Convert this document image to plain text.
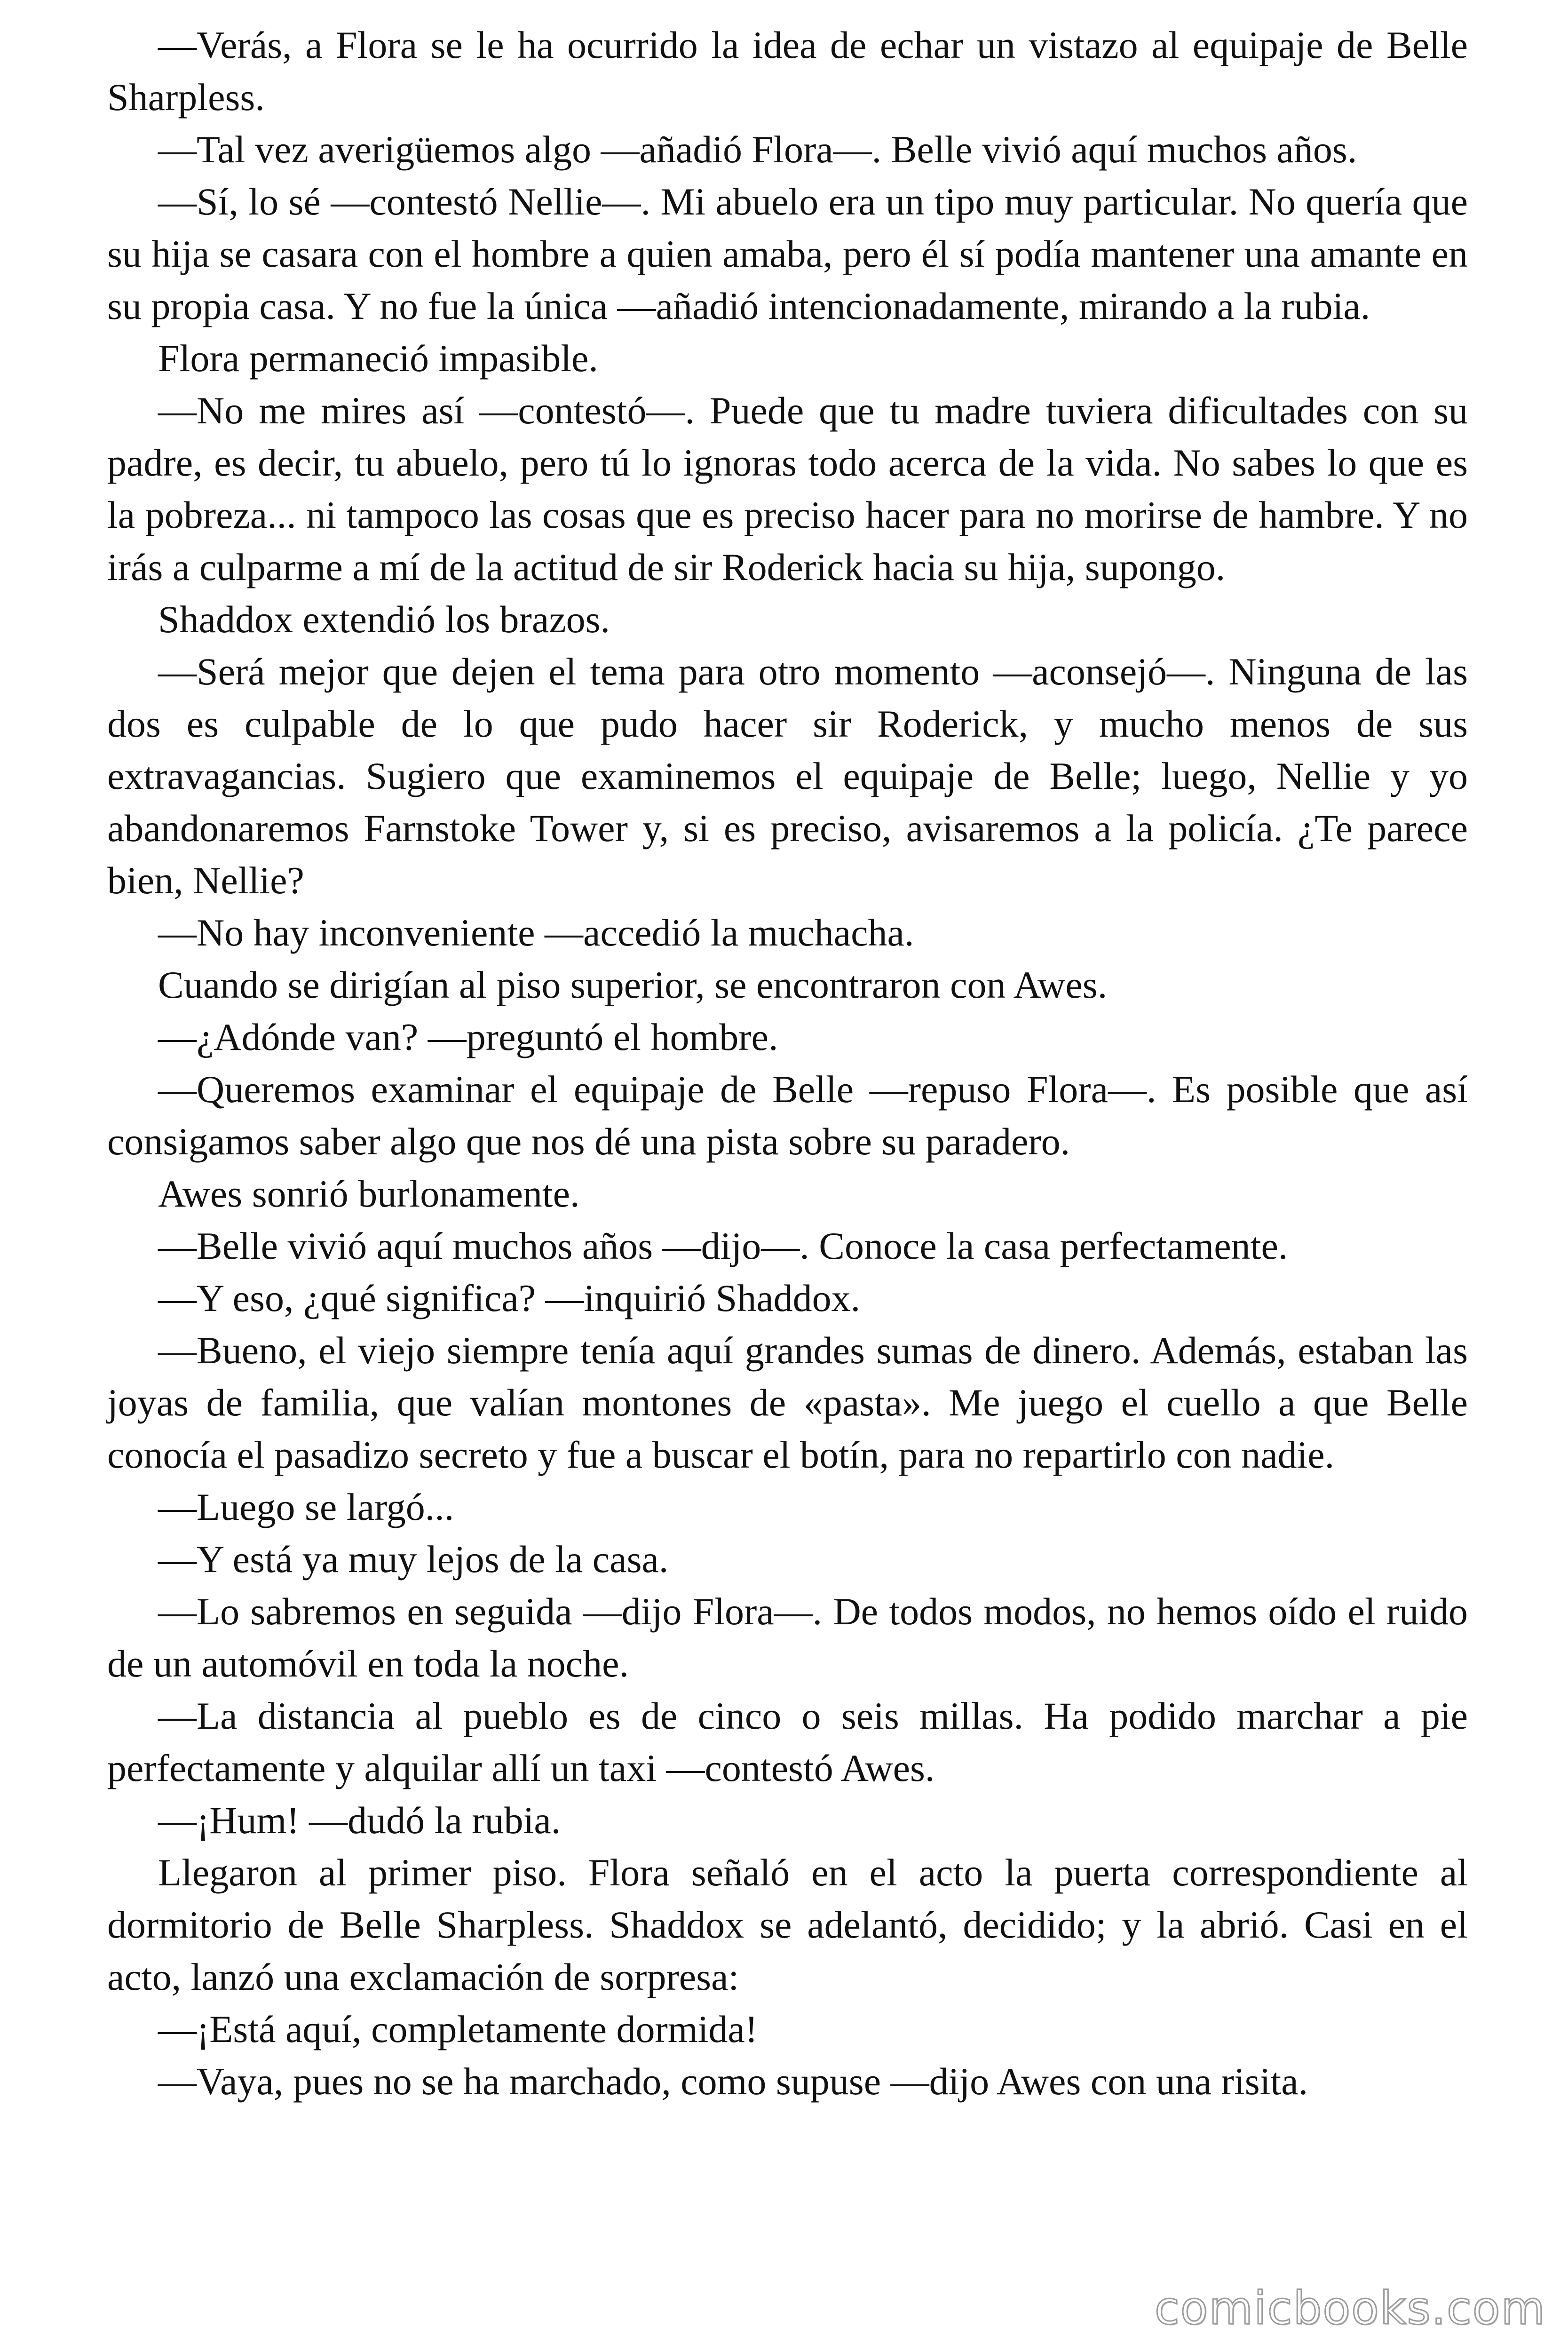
—Verás, a Flora se le ha ocurrido la idea de echar un vistazo al equipaje de Belle Sharpless.

—Tal vez averigüemos algo —añadió Flora—. Belle vivió aquí muchos años.

—Sí, lo sé —contestó Nellie—. Mi abuelo era un tipo muy particular. No quería que su hija se casara con el hombre a quien amaba, pero él sí podía mantener una amante en su propia casa. Y no fue la única —añadió intencionadamente, mirando a la rubia.

Flora permaneció impasible.

—No me mires así —contestó—. Puede que tu madre tuviera dificultades con su padre, es decir, tu abuelo, pero tú lo ignoras todo acerca de la vida. No sabes lo que es la pobreza... ni tampoco las cosas que es preciso hacer para no morirse de hambre. Y no irás a culparme a mí de la actitud de sir Roderick hacia su hija, supongo.

Shaddox extendió los brazos.

—Será mejor que dejen el tema para otro momento —aconsejó—. Ninguna de las dos es culpable de lo que pudo hacer sir Roderick, y mucho menos de sus extravagancias. Sugiero que examinemos el equipaje de Belle; luego, Nellie y yo abandonaremos Farnstoke Tower y, si es preciso, avisaremos a la policía. ¿Te parece bien, Nellie?

—No hay inconveniente —accedió la muchacha.

Cuando se dirigían al piso superior, se encontraron con Awes.

—¿Adónde van? —preguntó el hombre.

—Queremos examinar el equipaje de Belle —repuso Flora—. Es posible que así consigamos saber algo que nos dé una pista sobre su paradero.

Awes sonrió burlonamente.

—Belle vivió aquí muchos años —dijo—. Conoce la casa perfectamente.

—Y eso, ¿qué significa? —inquirió Shaddox.

—Bueno, el viejo siempre tenía aquí grandes sumas de dinero. Además, estaban las joyas de familia, que valían montones de «pasta». Me juego el cuello a que Belle conocía el pasadizo secreto y fue a buscar el botín, para no repartirlo con nadie.

—Luego se largó...

—Y está ya muy lejos de la casa.

—Lo sabremos en seguida —dijo Flora—. De todos modos, no hemos oído el ruido de un automóvil en toda la noche.

—La distancia al pueblo es de cinco o seis millas. Ha podido marchar a pie perfectamente y alquilar allí un taxi —contestó Awes.

—¡Hum! —dudó la rubia.

Llegaron al primer piso. Flora señaló en el acto la puerta correspondiente al dormitorio de Belle Sharpless. Shaddox se adelantó, decidido; y la abrió. Casi en el acto, lanzó una exclamación de sorpresa:

—¡Está aquí, completamente dormida!

—Vaya, pues no se ha marchado, como supuse —dijo Awes con una risita.

comicbooks.com
